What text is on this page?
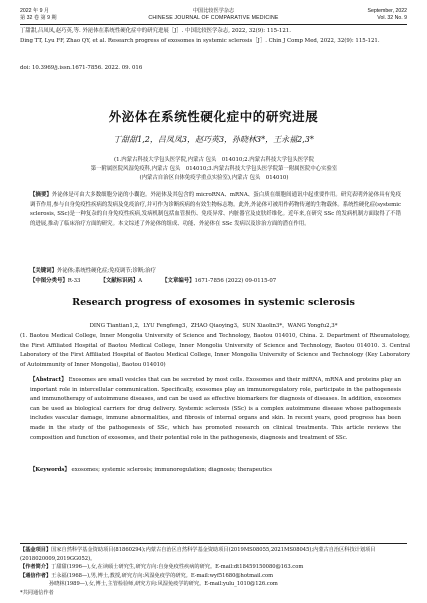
2022 年 9 月
第 32 卷 第 9 期
中国比较医学杂志
CHINESE JOURNAL OF COMPARATIVE MEDICINE
September, 2022
Vol. 32 No. 9
丁甜甜,吕凤凤,赵巧英,等. 外泌体在系统性硬化症中的研究进展［J］. 中国比较医学杂志, 2022, 32(9): 115-121.
Ding TT, Lyu FF, Zhao QY, et al. Research progress of exosomes in systemic sclerosis［J］. Chin J Comp Med, 2022, 32(9): 115-121.
doi: 10.3969/j.issn.1671-7856. 2022. 09. 016
外泌体在系统性硬化症中的研究进展
丁甜甜1,2，吕凤凤3，赵巧英3，孙晓林3*，王永福2,3*
(1.内蒙古科技大学包头医学院,内蒙古 包头　014010;2.内蒙古科技大学包头医学院
第一附属医院风湿免疫科,内蒙古 包头　014010;3.内蒙古科技大学包头医学院第一附属医院中心实验室
(内蒙古自治区自体免疫学重点实验室),内蒙古 包头　014010)
【摘要】外泌体是可由大多数细胞分泌的小囊泡。外泌体及其包含的 microRNA、mRNA、蛋白质在细胞间通讯中起重要作用。研究表明外泌体具有免疫调节作用,参与自身免疫性疾病的发病及免疫治疗,并可作为诊断疾病的有效生物标志物。此外,外泌体可被用作药物传递的生物载体。系统性硬化症(systemic sclerosis, SSc)是一种复杂的自身免疫性疾病,发病机制包括血管损伤、免疫异常、内脏器官及皮肤纤维化。近年来,在研究 SSc 的发病机制方面取得了不错的进展,推动了临床治疗方面的研究。本文综述了外泌体的组成、功能、外泌体在 SSc 发病以及诊治方面的潜在作用。
【关键词】外泌体;系统性硬化症;免疫调节;诊断;治疗
【中图分类号】R-33	【文献标识码】A	【文章编号】1671-7856 (2022) 09-0115-07
Research progress of exosomes in systemic sclerosis
DING Tiantian1,2，LYU Fengfeng3，ZHAO Qiaoying3，SUN Xiaolin3*，WANG Yongfu2,3*
(1. Baotou Medical College, Inner Mongolia University of Science and Technology, Baotou 014010, China. 2. Department of Rheumatology, the First Affiliated Hospital of Baotou Medical College, Inner Mongolia University of Science and Technology, Baotou 014010. 3. Central Laboratory of the First Affiliated Hospital of Baotou Medical College, Inner Mongolia University of Science and Technology (Key Laboratory of Autoimmunity of Inner Mongolia), Baotou 014010)
【Abstract】 Exosomes are small vesicles that can be secreted by most cells. Exosomes and their miRNA, mRNA and proteins play an important role in intercellular communication. Specifically, exosomes play an immunoregulatory role, participate in the pathogenesis and immunotherapy of autoimmune diseases, and can be used as effective biomarkers for diagnosis of diseases. In addition, exosomes can be used as biological carriers for drug delivery. Systemic sclerosis (SSc) is a complex autoimmune disease whose pathogenesis includes vascular damage, immune abnormalities, and fibrosis of internal organs and skin. In recent years, good progress has been made in the study of the pathogenesis of SSc, which has promoted research on clinical treatments. This article reviews the composition and function of exosomes, and their potential role in the pathogenesis, diagnosis and treatment of SSc.
【Keywords】 exosomes; systemic sclerosis; immunoregulation; diagnosis; therapeutics
【基金项目】国家自然科学基金资助项目(81860294);内蒙古自治区自然科学基金资助项目(2019MS08055,2021MS08045);内蒙古自治区科技计划项目(2018020009,2019GG052)。
【作者简介】丁甜甜(1996—),女,在读硕士研究生,研究方向:自身免疫性疾病的研究。E-mail:dt18459150080@163.com
【通信作者】王永福(1968—),男,博士,教授,研究方向:风湿免疫学的研究。E-mail:wyf51680@hotmail.com
孙晓林(1989—),女,博士,主管检验师,研究方向:风湿免疫学的研究。E-mail:yulu_1010@126.com
*共同通信作者
